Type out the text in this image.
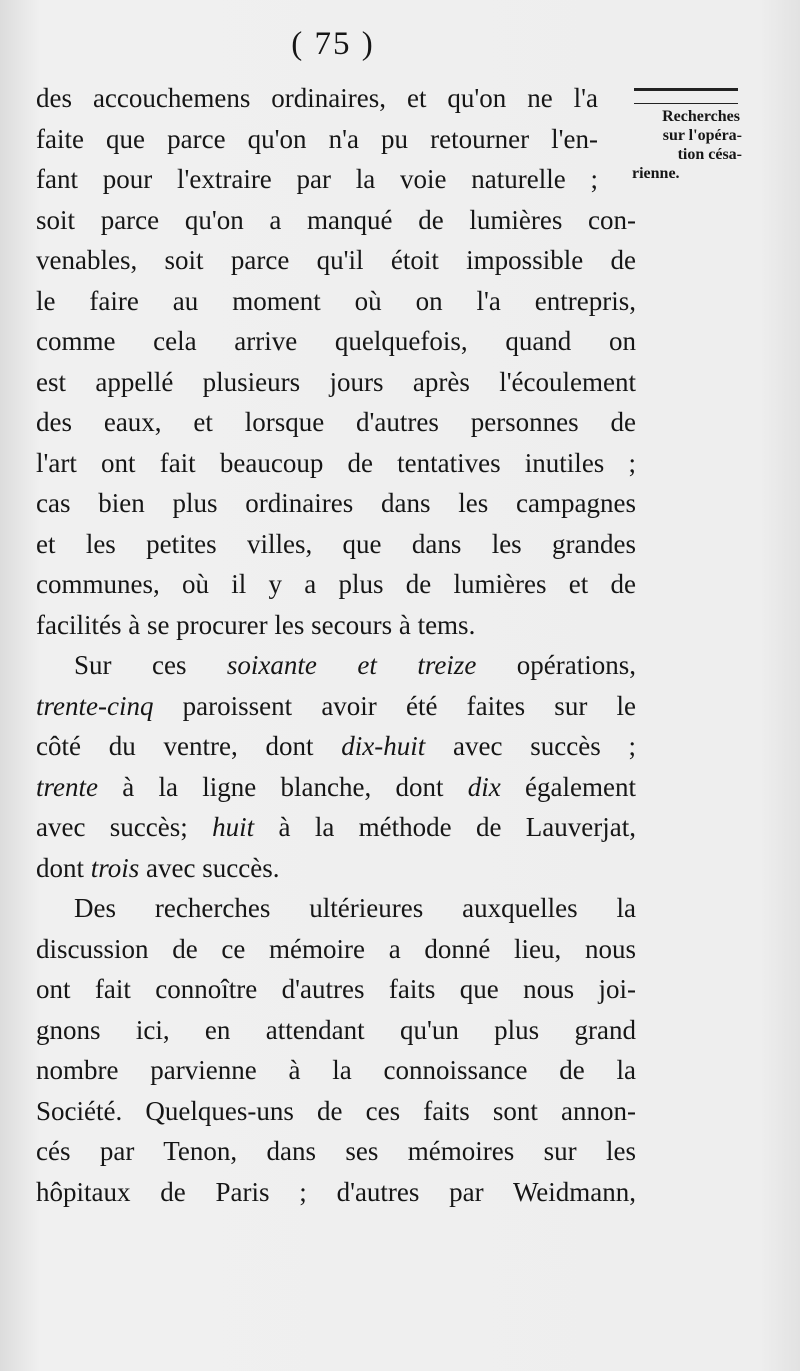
( 75 )
Recherches
sur l'opéra-
tion césa-
rienne.
des accouchemens ordinaires, et qu'on ne l'a
faite que parce qu'on n'a pu retourner l'en-
fant pour l'extraire par la voie naturelle ;
soit parce qu'on a manqué de lumières con-
venables, soit parce qu'il étoit impossible de
le faire au moment où on l'a entrepris,
comme cela arrive quelquefois, quand on
est appellé plusieurs jours après l'écoulement
des eaux, et lorsque d'autres personnes de
l'art ont fait beaucoup de tentatives inutiles ;
cas bien plus ordinaires dans les campagnes
et les petites villes, que dans les grandes
communes, où il y a plus de lumières et de
facilités à se procurer les secours à tems.
Sur ces soixante et treize opérations,
trente-cinq paroissent avoir été faites sur le
côté du ventre, dont dix-huit avec succès ;
trente à la ligne blanche, dont dix également
avec succès; huit à la méthode de Lauverjat,
dont trois avec succès.
Des recherches ultérieures auxquelles la
discussion de ce mémoire a donné lieu, nous
ont fait connoître d'autres faits que nous joi-
gnons ici, en attendant qu'un plus grand
nombre parvienne à la connoissance de la
Société. Quelques-uns de ces faits sont annon-
cés par Tenon, dans ses mémoires sur les
hôpitaux de Paris ; d'autres par Weidmann,
